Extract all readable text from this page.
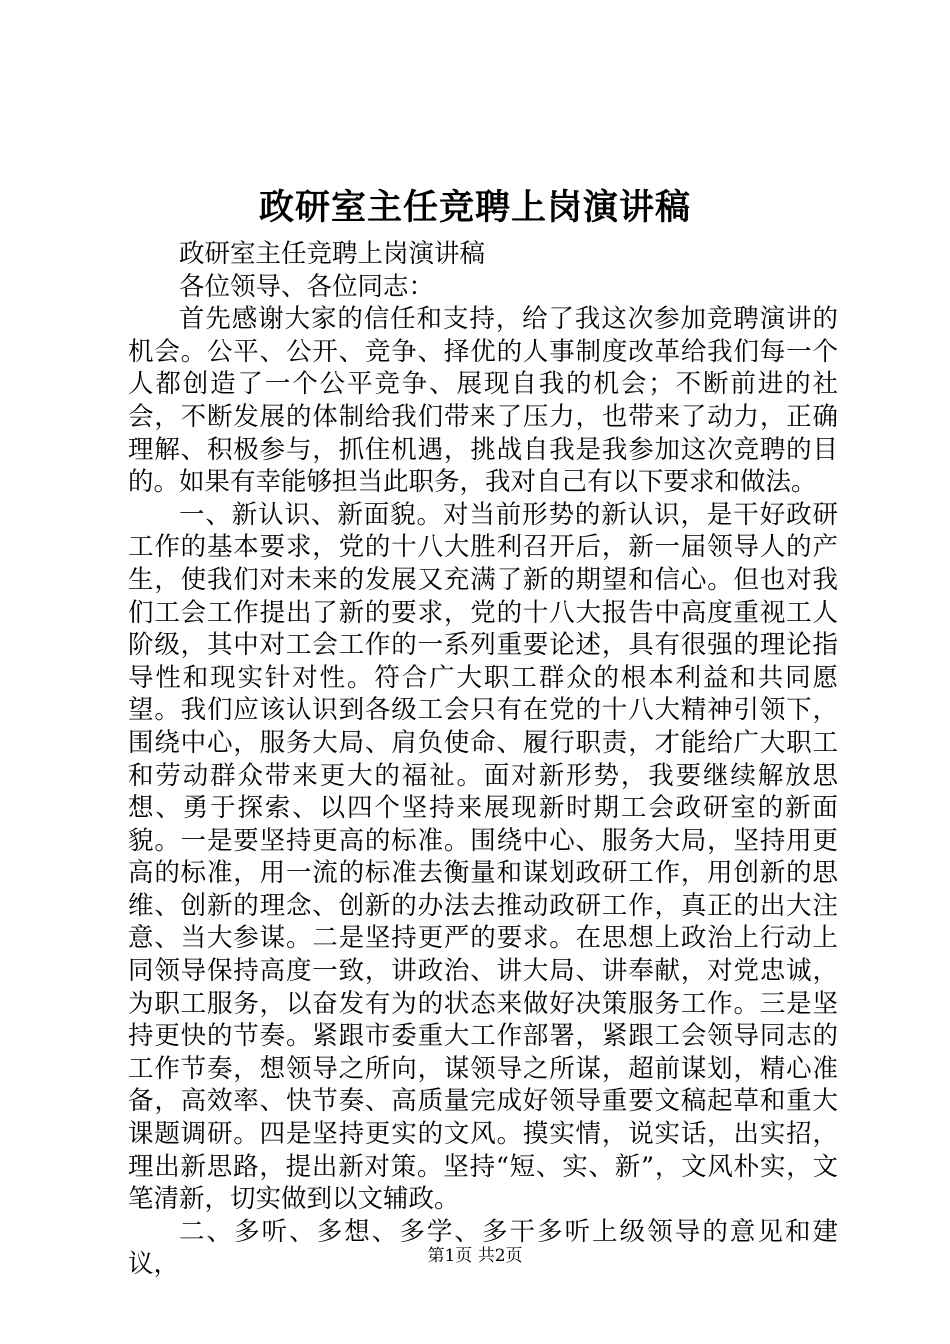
政研室主任竞聘上岗演讲稿

政研室主任竞聘上岗演讲稿

各位领导、各位同志：

首先感谢大家的信任和支持，给了我这次参加竞聘演讲的机会。公平、公开、竞争、择优的人事制度改革给我们每一个人都创造了一个公平竞争、展现自我的机会；不断前进的社会，不断发展的体制给我们带来了压力，也带来了动力，正确理解、积极参与，抓住机遇，挑战自我是我参加这次竞聘的目的。如果有幸能够担当此职务，我对自己有以下要求和做法。

一、新认识、新面貌。对当前形势的新认识，是干好政研工作的基本要求，党的十八大胜利召开后，新一届领导人的产生，使我们对未来的发展又充满了新的期望和信心。但也对我们工会工作提出了新的要求，党的十八大报告中高度重视工人阶级，其中对工会工作的一系列重要论述，具有很强的理论指导性和现实针对性。符合广大职工群众的根本利益和共同愿望。我们应该认识到各级工会只有在党的十八大精神引领下，围绕中心，服务大局、肩负使命、履行职责，才能给广大职工和劳动群众带来更大的福祉。面对新形势，我要继续解放思想、勇于探索、以四个坚持来展现新时期工会政研室的新面貌。一是要坚持更高的标准。围绕中心、服务大局，坚持用更高的标准，用一流的标准去衡量和谋划政研工作，用创新的思维、创新的理念、创新的办法去推动政研工作，真正的出大注意、当大参谋。二是坚持更严的要求。在思想上政治上行动上同领导保持高度一致，讲政治、讲大局、讲奉献，对党忠诚，为职工服务，以奋发有为的状态来做好决策服务工作。三是坚持更快的节奏。紧跟市委重大工作部署，紧跟工会领导同志的工作节奏，想领导之所向，谋领导之所谋，超前谋划，精心准备，高效率、快节奏、高质量完成好领导重要文稿起草和重大课题调研。四是坚持更实的文风。摸实情，说实话，出实招，理出新思路，提出新对策。坚持“短、实、新”，文风朴实，文笔清新，切实做到以文辅政。

二、多听、多想、多学、多干多听上级领导的意见和建议，	第1页 共2页
